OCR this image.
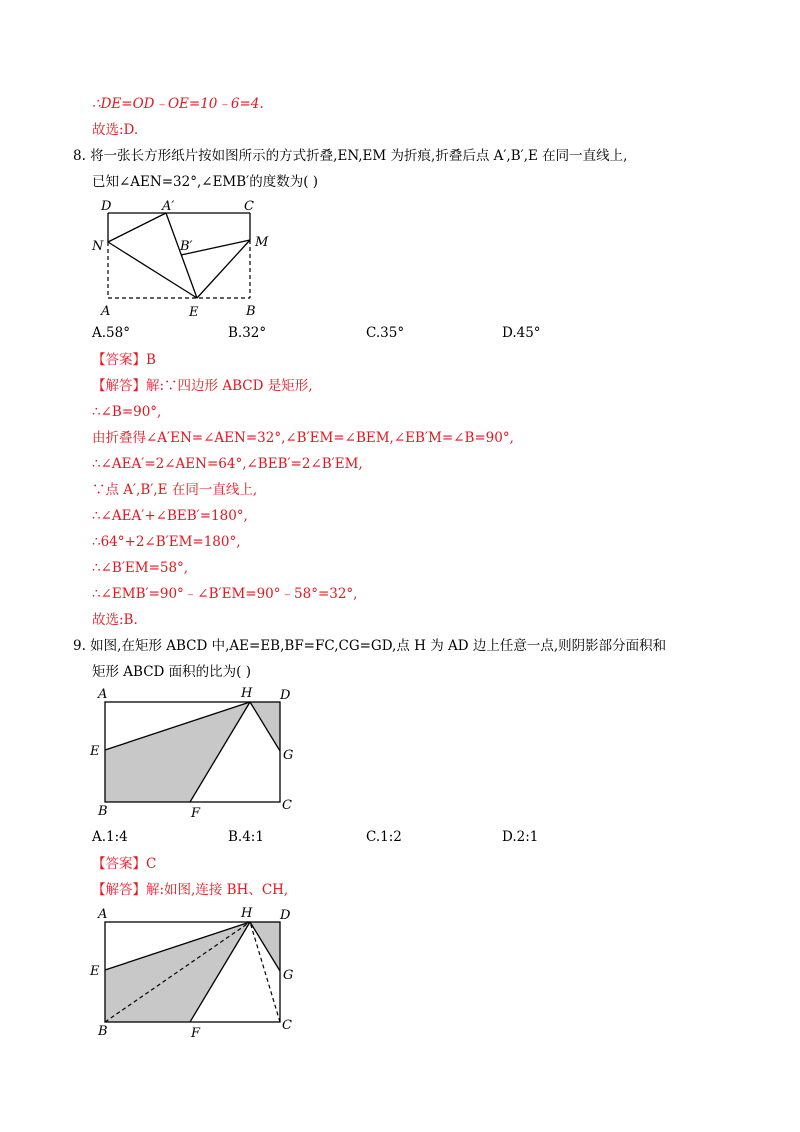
∴DE=OD﹣OE=10﹣6=4.
故选:D.
8. 将一张长方形纸片按如图所示的方式折叠,EN,EM 为折痕,折叠后点 A′,B′,E 在同一直线上,
已知∠AEN=32°,∠EMB′的度数为( )
D	A′	C
N	B′	M
A	E	B
A.58°	B.32°	C.35°	D.45°
【答案】B
【解答】解:∵四边形 ABCD 是矩形,
∴∠B=90°,
由折叠得∠A′EN=∠AEN=32°,∠B′EM=∠BEM,∠EB′M=∠B=90°,
∴∠AEA′=2∠AEN=64°,∠BEB′=2∠B′EM,
∵点 A′,B′,E 在同一直线上,
∴∠AEA′+∠BEB′=180°,
∴64°+2∠B′EM=180°,
∴∠B′EM=58°,
∴∠EMB′=90°﹣∠B′EM=90°﹣58°=32°,
故选:B.
9. 如图,在矩形 ABCD 中,AE=EB,BF=FC,CG=GD,点 H 为 AD 边上任意一点,则阴影部分面积和
矩形 ABCD 面积的比为( )
A	H D
E	G
B	F
C
A.1:4	B.4:1	C.1:2	D.2:1
【答案】C
【解答】解:如图,连接 BH、CH,
A	H D
E	G
B	F
C
